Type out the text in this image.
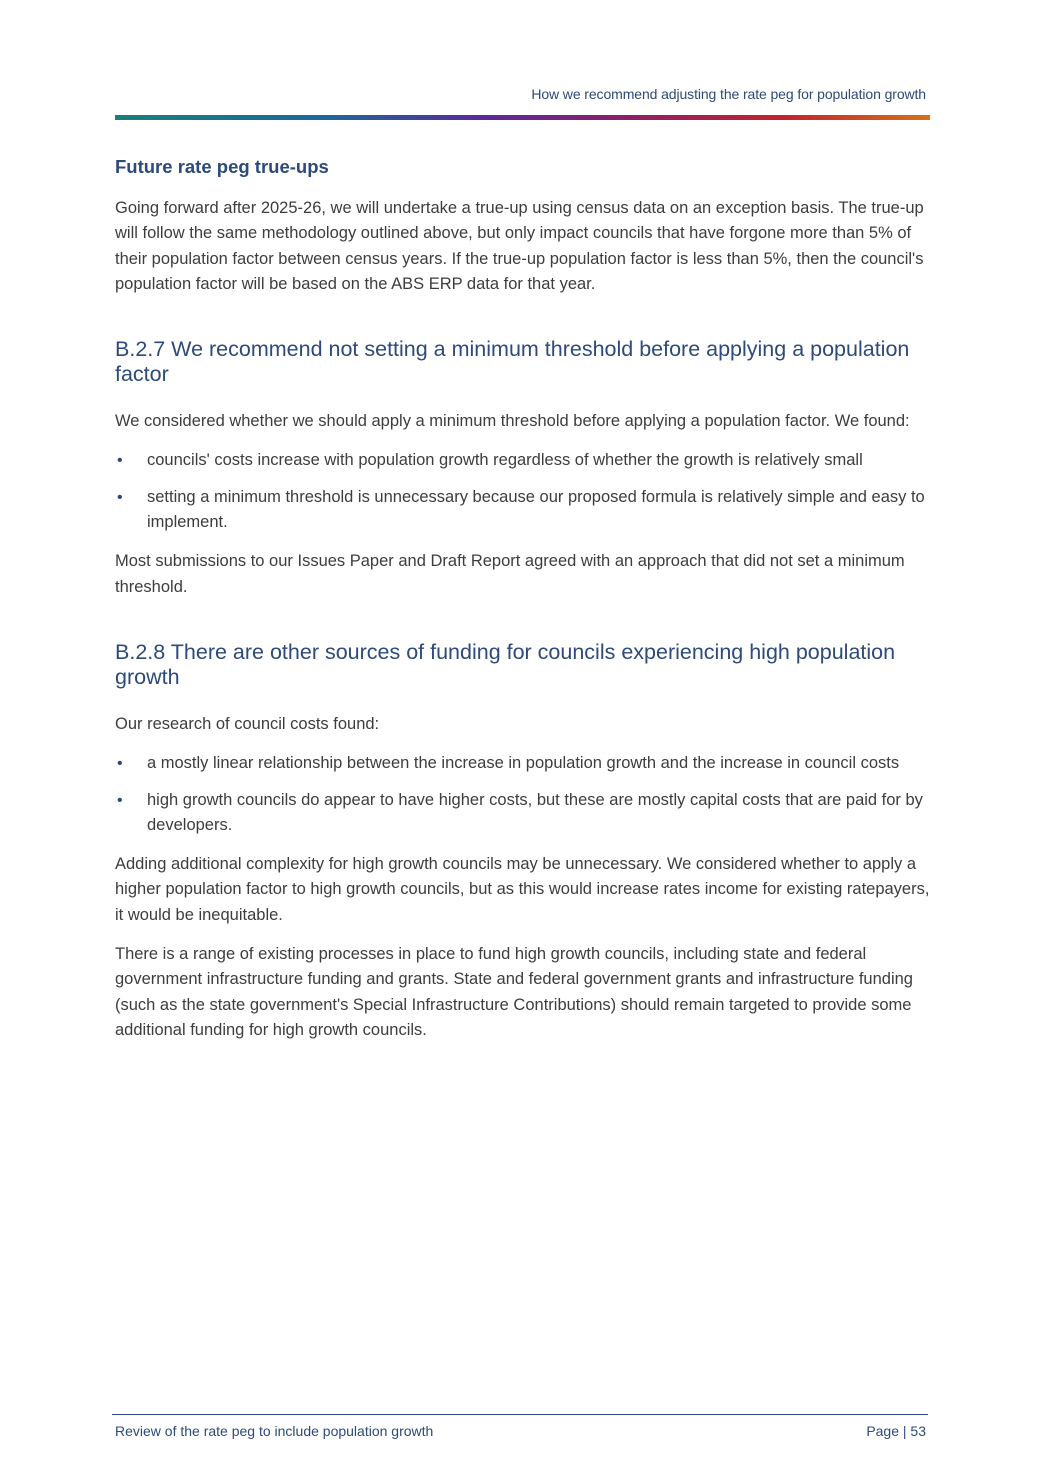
How we recommend adjusting the rate peg for population growth
Future rate peg true-ups

Going forward after 2025-26, we will undertake a true-up using census data on an exception basis. The true-up will follow the same methodology outlined above, but only impact councils that have forgone more than 5% of their population factor between census years. If the true-up population factor is less than 5%, then the council's population factor will be based on the ABS ERP data for that year.

B.2.7 We recommend not setting a minimum threshold before applying a population factor

We considered whether we should apply a minimum threshold before applying a population factor. We found:

• councils' costs increase with population growth regardless of whether the growth is relatively small
• setting a minimum threshold is unnecessary because our proposed formula is relatively simple and easy to implement.

Most submissions to our Issues Paper and Draft Report agreed with an approach that did not set a minimum threshold.

B.2.8 There are other sources of funding for councils experiencing high population growth

Our research of council costs found:

• a mostly linear relationship between the increase in population growth and the increase in council costs
• high growth councils do appear to have higher costs, but these are mostly capital costs that are paid for by developers.

Adding additional complexity for high growth councils may be unnecessary. We considered whether to apply a higher population factor to high growth councils, but as this would increase rates income for existing ratepayers, it would be inequitable.

There is a range of existing processes in place to fund high growth councils, including state and federal government infrastructure funding and grants. State and federal government grants and infrastructure funding (such as the state government's Special Infrastructure Contributions) should remain targeted to provide some additional funding for high growth councils.

Review of the rate peg to include population growth	Page | 53
